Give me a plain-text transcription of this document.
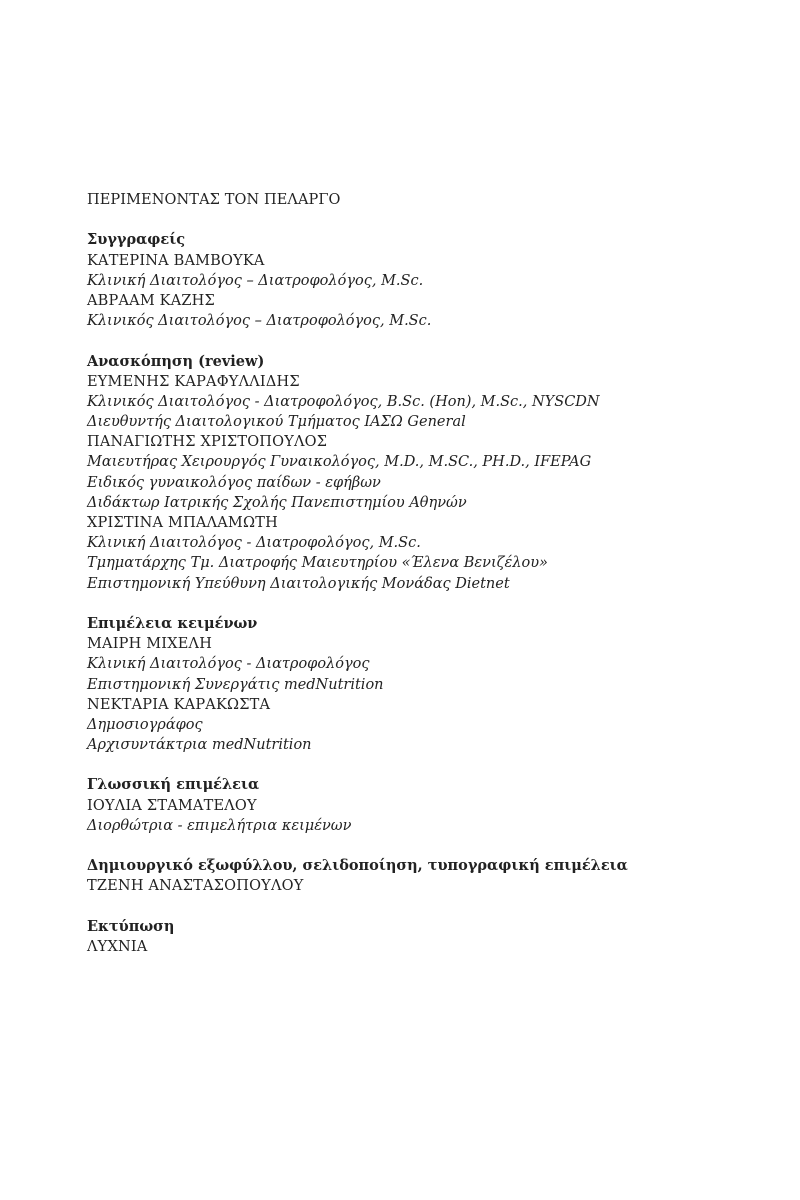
ΠΕΡΙΜΕΝΟΝΤΑΣ ΤΟΝ ΠΕΛΑΡΓΟ
Συγγραφείς
ΚΑΤΕΡΙΝΑ ΒΑΜΒΟΥΚΑ
Κλινική Διαιτολόγος – Διατροφολόγος, M.Sc.
ΑΒΡΑΑΜ ΚΑΖΗΣ
Κλινικός Διαιτολόγος – Διατροφολόγος, M.Sc.
Ανασκόπηση (review)
ΕΥΜΕΝΗΣ ΚΑΡΑΦΥΛΛΙΔΗΣ
Κλινικός Διαιτολόγος - Διατροφολόγος, B.Sc. (Hon), M.Sc., NYSCDN
Διευθυντής Διαιτολογικού Τμήματος ΙΑΣΩ General
ΠΑΝΑΓΙΩΤΗΣ ΧΡΙΣΤΟΠΟΥΛΟΣ
Μαιευτήρας Χειρουργός Γυναικολόγος, M.D., M.SC., PH.D., IFEPAG
Ειδικός γυναικολόγος παίδων - εφήβων
Διδάκτωρ Ιατρικής Σχολής Πανεπιστημίου Αθηνών
ΧΡΙΣΤΙΝΑ ΜΠΑΛΑΜΩΤΗ
Κλινική Διαιτολόγος - Διατροφολόγος, M.Sc.
Τμηματάρχης Τμ. Διατροφής Μαιευτηρίου «Έλενα Βενιζέλου»
Επιστημονική Υπεύθυνη Διαιτολογικής Μονάδας Dietnet
Επιμέλεια κειμένων
ΜΑΙΡΗ ΜΙΧΕΛΗ
Κλινική Διαιτολόγος - Διατροφολόγος
Επιστημονική Συνεργάτις medNutrition
ΝΕΚΤΑΡΙΑ ΚΑΡΑΚΩΣΤΑ
Δημοσιογράφος
Αρχισυντάκτρια medNutrition
Γλωσσική επιμέλεια
ΙΟΥΛΙΑ ΣΤΑΜΑΤΕΛΟΥ
Διορθώτρια - επιμελήτρια κειμένων
Δημιουργικό εξωφύλλου, σελιδοποίηση, τυπογραφική επιμέλεια
ΤΖΕΝΗ ΑΝΑΣΤΑΣΟΠΟΥΛΟΥ
Εκτύπωση
ΛΥΧΝΙΑ
